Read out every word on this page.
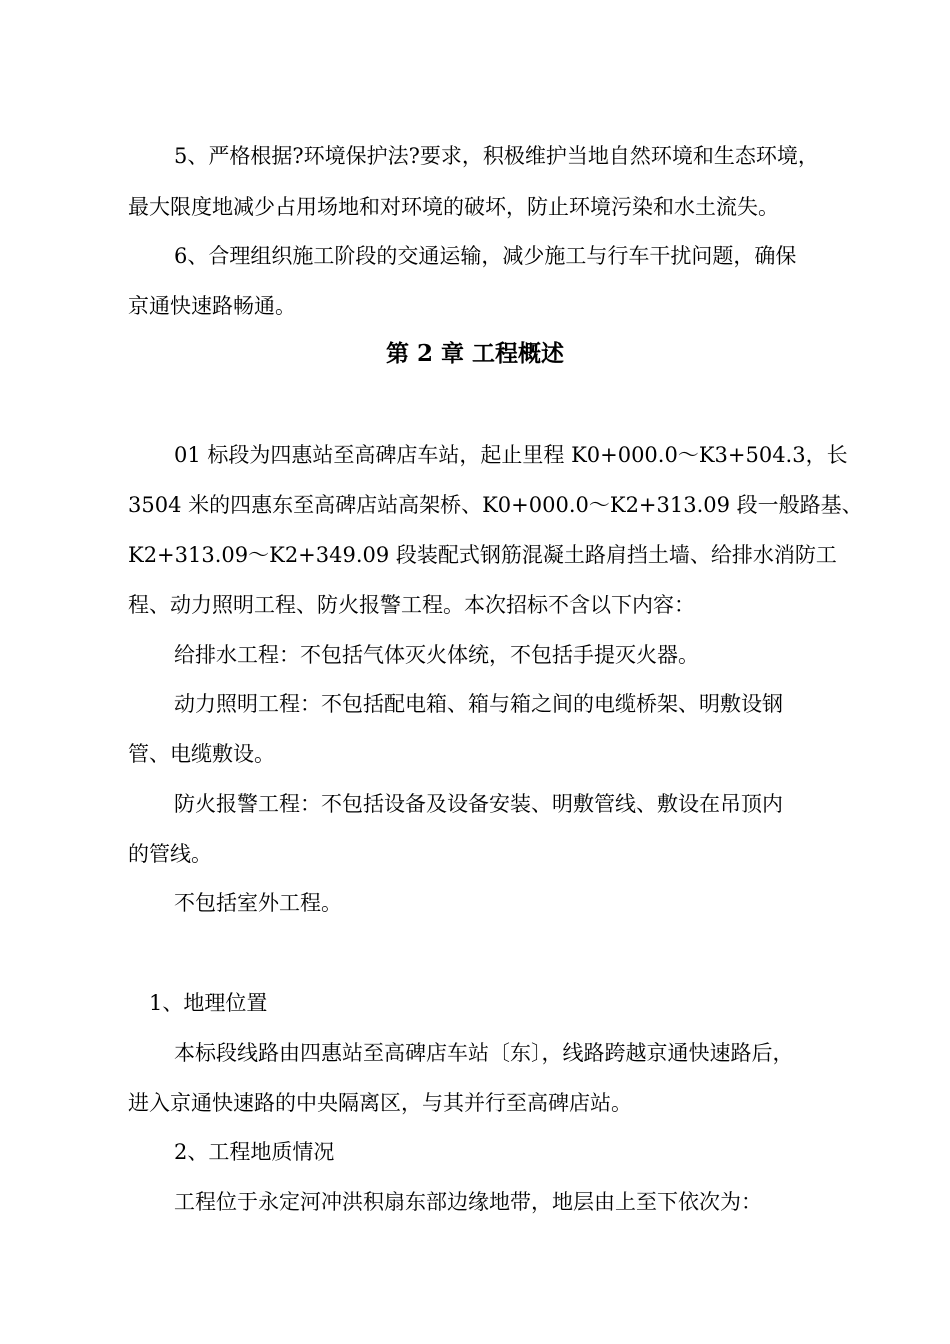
5、严格根据?环境保护法?要求，积极维护当地自然环境和生态环境，

最大限度地减少占用场地和对环境的破坏，防止环境污染和水土流失。

6、合理组织施工阶段的交通运输，减少施工与行车干扰问题，确保

京通快速路畅通。

第 2 章 工程概述

01 标段为四惠站至高碑店车站，起止里程 K0+000.0～K3+504.3，长

3504 米的四惠东至高碑店站高架桥、K0+000.0～K2+313.09 段一般路基、

K2+313.09～K2+349.09 段装配式钢筋混凝土路肩挡土墙、给排水消防工

程、动力照明工程、防火报警工程。本次招标不含以下内容：

给排水工程：不包括气体灭火体统，不包括手提灭火器。

动力照明工程：不包括配电箱、箱与箱之间的电缆桥架、明敷设钢

管、电缆敷设。

防火报警工程：不包括设备及设备安装、明敷管线、敷设在吊顶内

的管线。

不包括室外工程。

1、地理位置

本标段线路由四惠站至高碑店车站〔东〕，线路跨越京通快速路后，

进入京通快速路的中央隔离区，与其并行至高碑店站。

2、工程地质情况

工程位于永定河冲洪积扇东部边缘地带，地层由上至下依次为：
